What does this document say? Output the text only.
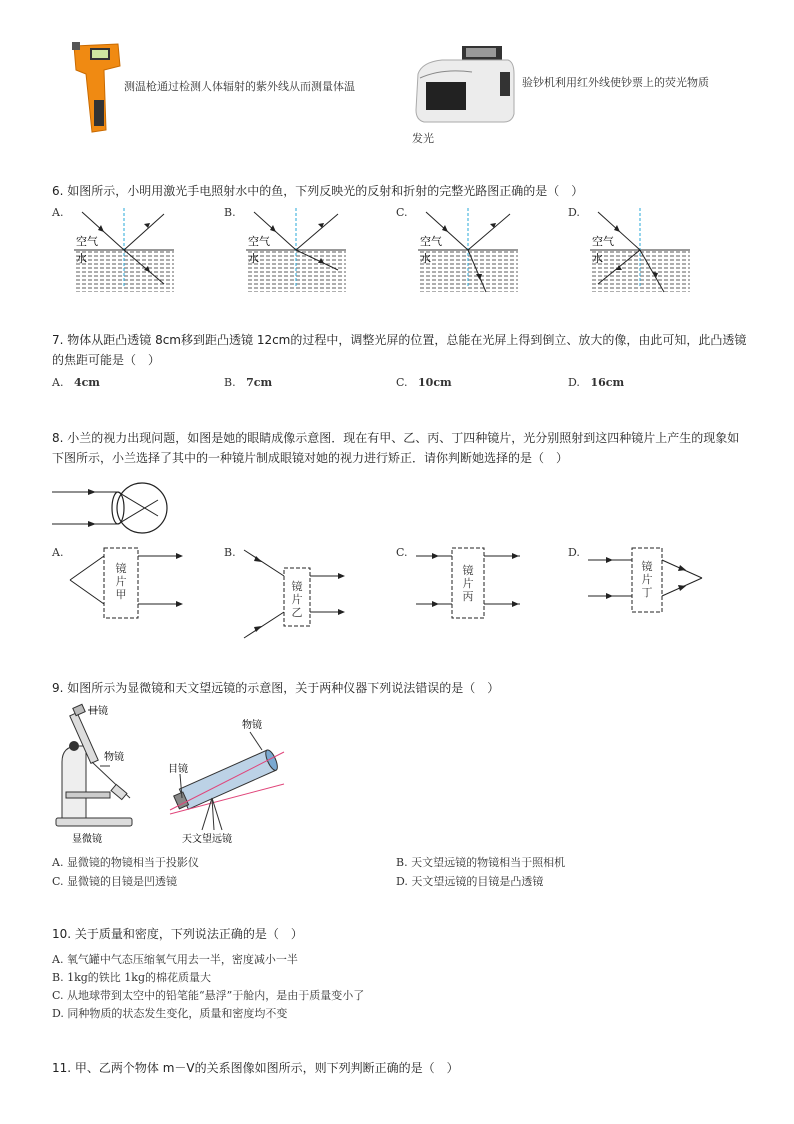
测温枪通过检测人体辐射的紫外线从而测量体温	验钞机利用红外线使钞票上的荧光物质
发光
6. 如图所示，小明用激光手电照射水中的鱼，下列反映光的反射和折射的完整光路图正确的是（　）
A.
空气
水
B.
空气
水
C.
空气
水
D.
空气
水
7. 物体从距凸透镜 8cm移到距凸透镜 12cm的过程中，调整光屏的位置，总能在光屏上得到倒立、放大的像，由此可知，此凸透镜
的焦距可能是（　）
A. 4cm	B. 7cm	C. 10cm	D. 16cm
8. 小兰的视力出现问题，如图是她的眼睛成像示意图．现在有甲、乙、丙、丁四种镜片，光分别照射到这四种镜片上产生的现象如
下图所示，小兰选择了其中的一种镜片制成眼镜对她的视力进行矫正．请你判断她选择的是（　）
A.
镜
片
甲
B.
镜
片
乙
C.
镜
片
丙
D.
镜
片
丁
9. 如图所示为显微镜和天文望远镜的示意图，关于两种仪器下列说法错误的是（　）
目镜
物镜
显微镜
物镜
目镜
天文望远镜
A. 显微镜的物镜相当于投影仪	B. 天文望远镜的物镜相当于照相机
C. 显微镜的目镜是凹透镜	D. 天文望远镜的目镜是凸透镜
10. 关于质量和密度，下列说法正确的是（　）
A. 氧气罐中气态压缩氧气用去一半，密度减小一半
B. 1kg的铁比 1kg的棉花质量大
C. 从地球带到太空中的铅笔能“悬浮”于舱内，是由于质量变小了
D. 同种物质的状态发生变化，质量和密度均不变
11. 甲、乙两个物体 m－V的关系图像如图所示，则下列判断正确的是（　）
